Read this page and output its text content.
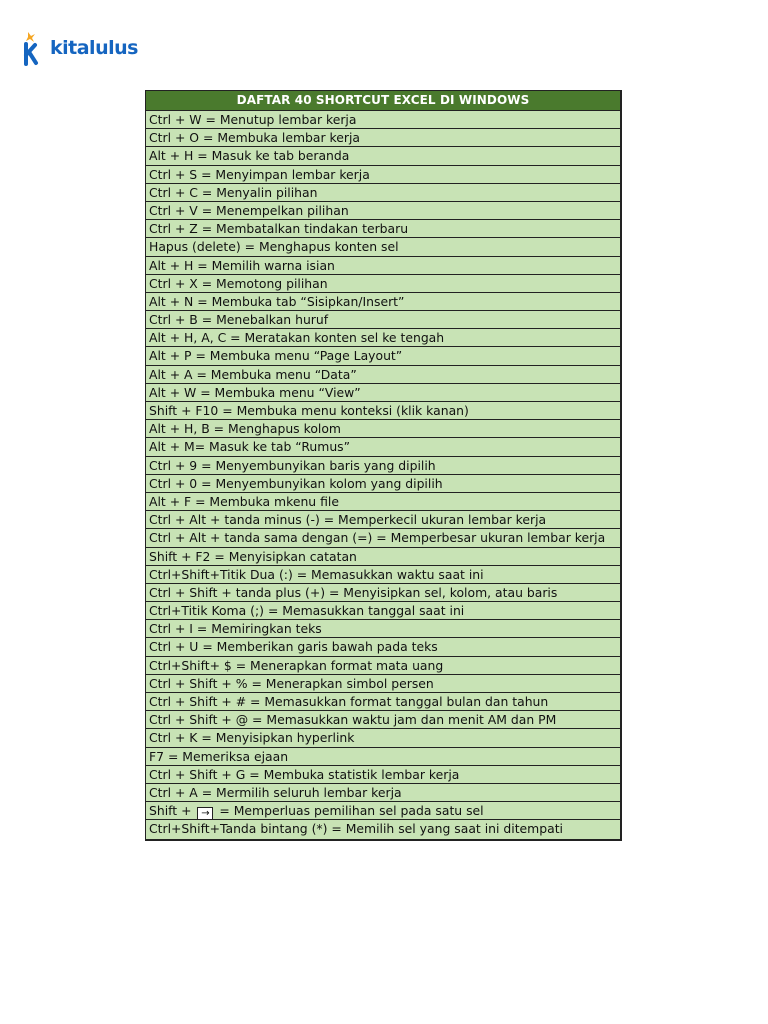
kitalulus
DAFTAR 40 SHORTCUT EXCEL DI WINDOWS
Ctrl + W = Menutup lembar kerja
Ctrl + O = Membuka lembar kerja
Alt + H = Masuk ke tab beranda
Ctrl + S = Menyimpan lembar kerja
Ctrl + C = Menyalin pilihan
Ctrl + V = Menempelkan pilihan
Ctrl + Z = Membatalkan tindakan terbaru
Hapus (delete) = Menghapus konten sel
Alt + H = Memilih warna isian
Ctrl + X = Memotong pilihan
Alt + N = Membuka tab “Sisipkan/Insert”
Ctrl + B = Menebalkan huruf
Alt + H, A, C = Meratakan konten sel ke tengah
Alt + P = Membuka menu “Page Layout”
Alt + A = Membuka menu “Data”
Alt + W = Membuka menu “View”
Shift + F10 = Membuka menu konteksi (klik kanan)
Alt + H, B = Menghapus kolom
Alt + M= Masuk ke tab “Rumus”
Ctrl + 9 = Menyembunyikan baris yang dipilih
Ctrl + 0 = Menyembunyikan kolom yang dipilih
Alt + F = Membuka mkenu file
Ctrl + Alt + tanda minus (-) = Memperkecil ukuran lembar kerja
Ctrl + Alt + tanda sama dengan (=) = Memperbesar ukuran lembar kerja
Shift + F2 = Menyisipkan catatan
Ctrl+Shift+Titik Dua (:) = Memasukkan waktu saat ini
Ctrl + Shift + tanda plus (+) = Menyisipkan sel, kolom, atau baris
Ctrl+Titik Koma (;) = Memasukkan tanggal saat ini
Ctrl + I = Memiringkan teks
Ctrl + U = Memberikan garis bawah pada teks
Ctrl+Shift+ $ = Menerapkan format mata uang
Ctrl + Shift + % = Menerapkan simbol persen
Ctrl + Shift + # = Memasukkan format tanggal bulan dan tahun
Ctrl + Shift + @ = Memasukkan waktu jam dan menit AM dan PM
Ctrl + K = Menyisipkan hyperlink
F7 = Memeriksa ejaan
Ctrl + Shift + G = Membuka statistik lembar kerja
Ctrl + A = Mermilih seluruh lembar kerja
Shift + → = Memperluas pemilihan sel pada satu sel
Ctrl+Shift+Tanda bintang (*) = Memilih sel yang saat ini ditempati
